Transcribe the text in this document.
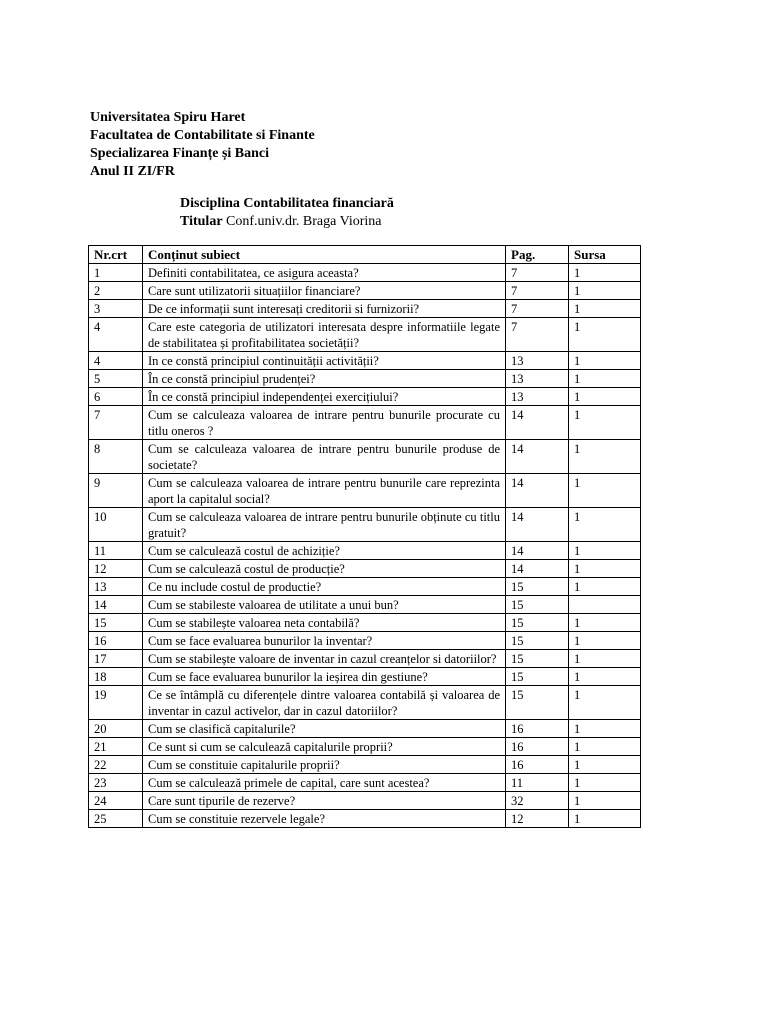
Universitatea Spiru Haret
Facultatea de Contabilitate si Finante
Specializarea Finanțe și Banci
Anul II ZI/FR
Disciplina Contabilitatea financiară
Titular Conf.univ.dr. Braga Viorina
Nr.crt	Conținut subiect	Pag.	Sursa
1	Definiti contabilitatea, ce asigura aceasta?	7	1
2	Care sunt utilizatorii situațiilor financiare?	7	1
3	De ce informații sunt interesați creditorii si furnizorii?	7	1
4	Care este categoria de utilizatori interesata despre informatiile legate de stabilitatea și profitabilitatea societății?	7	1
4	In ce constă principiul continuității activității?	13	1
5	În ce constă principiul prudenței?	13	1
6	În ce constă principiul independenței exercițiului?	13	1
7	Cum se calculeaza valoarea de intrare pentru bunurile procurate cu titlu oneros ?	14	1
8	Cum se calculeaza valoarea de intrare pentru bunurile produse de societate?	14	1
9	Cum se calculeaza valoarea de intrare pentru bunurile care reprezinta aport la capitalul social?	14	1
10	Cum se calculeaza valoarea de intrare pentru bunurile obținute cu titlu gratuit?	14	1
11	Cum se calculează costul de achiziție?	14	1
12	Cum se calculează costul de producție?	14	1
13	Ce nu include costul de productie?	15	1
14	Cum se stabileste valoarea de utilitate a unui bun?	15	
15	Cum se stabilește valoarea neta contabilă?	15	1
16	Cum se face evaluarea bunurilor la inventar?	15	1
17	Cum se stabilește valoare de inventar in cazul creanțelor si datoriilor?	15	1
18	Cum se face evaluarea bunurilor la ieșirea din gestiune?	15	1
19	Ce se întâmplă cu diferențele dintre valoarea contabilă și valoarea de inventar in cazul activelor, dar in cazul datoriilor?	15	1
20	Cum se clasifică capitalurile?	16	1
21	Ce sunt si cum se calculează capitalurile proprii?	16	1
22	Cum se constituie capitalurile proprii?	16	1
23	Cum se calculează primele de capital, care sunt acestea?	11	1
24	Care sunt tipurile de rezerve?	32	1
25	Cum se constituie rezervele legale?	12	1
